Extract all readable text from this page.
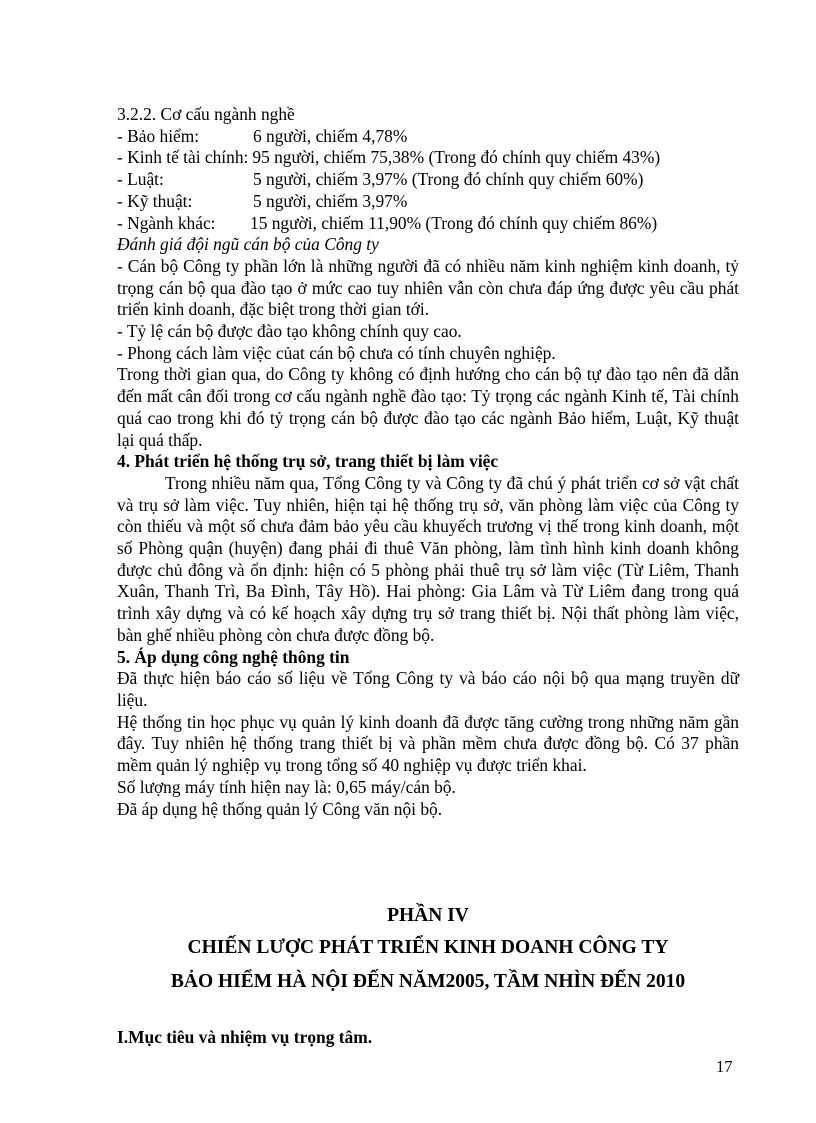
3.2.2. Cơ cấu ngành nghề
- Bảo hiểm:	6 người, chiếm 4,78%
- Kinh tế tài chính: 95 người, chiếm 75,38% (Trong đó chính quy chiếm 43%)
- Luật:	5 người, chiếm 3,97% (Trong đó chính quy chiếm 60%)
- Kỹ thuật:	5 người, chiếm 3,97%
- Ngành khác:	15 người, chiếm 11,90% (Trong đó chính quy chiếm 86%)
Đánh giá đội ngũ cán bộ của Công ty
- Cán bộ Công ty phần lớn là những người đã có nhiều năm kinh nghiệm kinh doanh, tỷ trọng cán bộ qua đào tạo ở mức cao tuy nhiên vẫn còn chưa đáp ứng được yêu cầu phát triển kinh doanh, đặc biệt trong thời gian tới.
- Tỷ lệ cán bộ được đào tạo không chính quy cao.
- Phong cách làm việc củat cán bộ chưa có tính chuyên nghiệp.
Trong thời gian qua, do Công ty không có định hướng cho cán bộ tự đào tạo nên đã dẫn đến mất cân đối trong cơ cấu ngành nghề đào tạo: Tỷ trọng các ngành Kinh tế, Tài chính quá cao trong khi đó tỷ trọng cán bộ được đào tạo các ngành Bảo hiểm, Luật, Kỹ thuật lại quá thấp.
4. Phát triển hệ thống trụ sở, trang thiết bị làm việc
Trong nhiều năm qua, Tổng Công ty và Công ty đã chú ý phát triển cơ sở vật chất và trụ sở làm việc. Tuy nhiên, hiện tại hệ thống trụ sở, văn phòng làm việc của Công ty còn thiếu và một số chưa đảm bảo yêu cầu khuyếch trương vị thế trong kinh doanh, một số Phòng quận (huyện) đang phải đi thuê Văn phòng, làm tình hình kinh doanh không được chủ đông và ổn định: hiện có 5 phòng phải thuê trụ sở làm việc (Từ Liêm, Thanh Xuân, Thanh Trì, Ba Đình, Tây Hồ). Hai phòng: Gia Lâm và Từ Liêm đang trong quá trình xây dựng và có kế hoạch xây dựng trụ sở trang thiết bị. Nội thất phòng làm việc, bàn ghế nhiều phòng còn chưa được đồng bộ.
5. Áp dụng công nghệ thông tin
Đã thực hiện báo cáo số liệu về Tổng Công ty và báo cáo nội bộ qua mạng truyền dữ liệu.
Hệ thống tin học phục vụ quản lý kinh doanh đã được tăng cường trong những năm gần đây. Tuy nhiên hệ thống trang thiết bị và phần mềm chưa được đồng bộ. Có 37 phần mềm quản lý nghiệp vụ trong tổng số 40 nghiệp vụ được triển khai.
Số lượng máy tính hiện nay là: 0,65 máy/cán bộ.
Đã áp dụng hệ thống quản lý Công văn nội bộ.
PHẦN IV
CHIẾN LƯỢC PHÁT TRIỂN KINH DOANH CÔNG TY
BẢO HIỂM HÀ NỘI ĐẾN NĂM2005, TẦM NHÌN ĐẾN 2010
I.Mục tiêu và nhiệm vụ trọng tâm.
17
